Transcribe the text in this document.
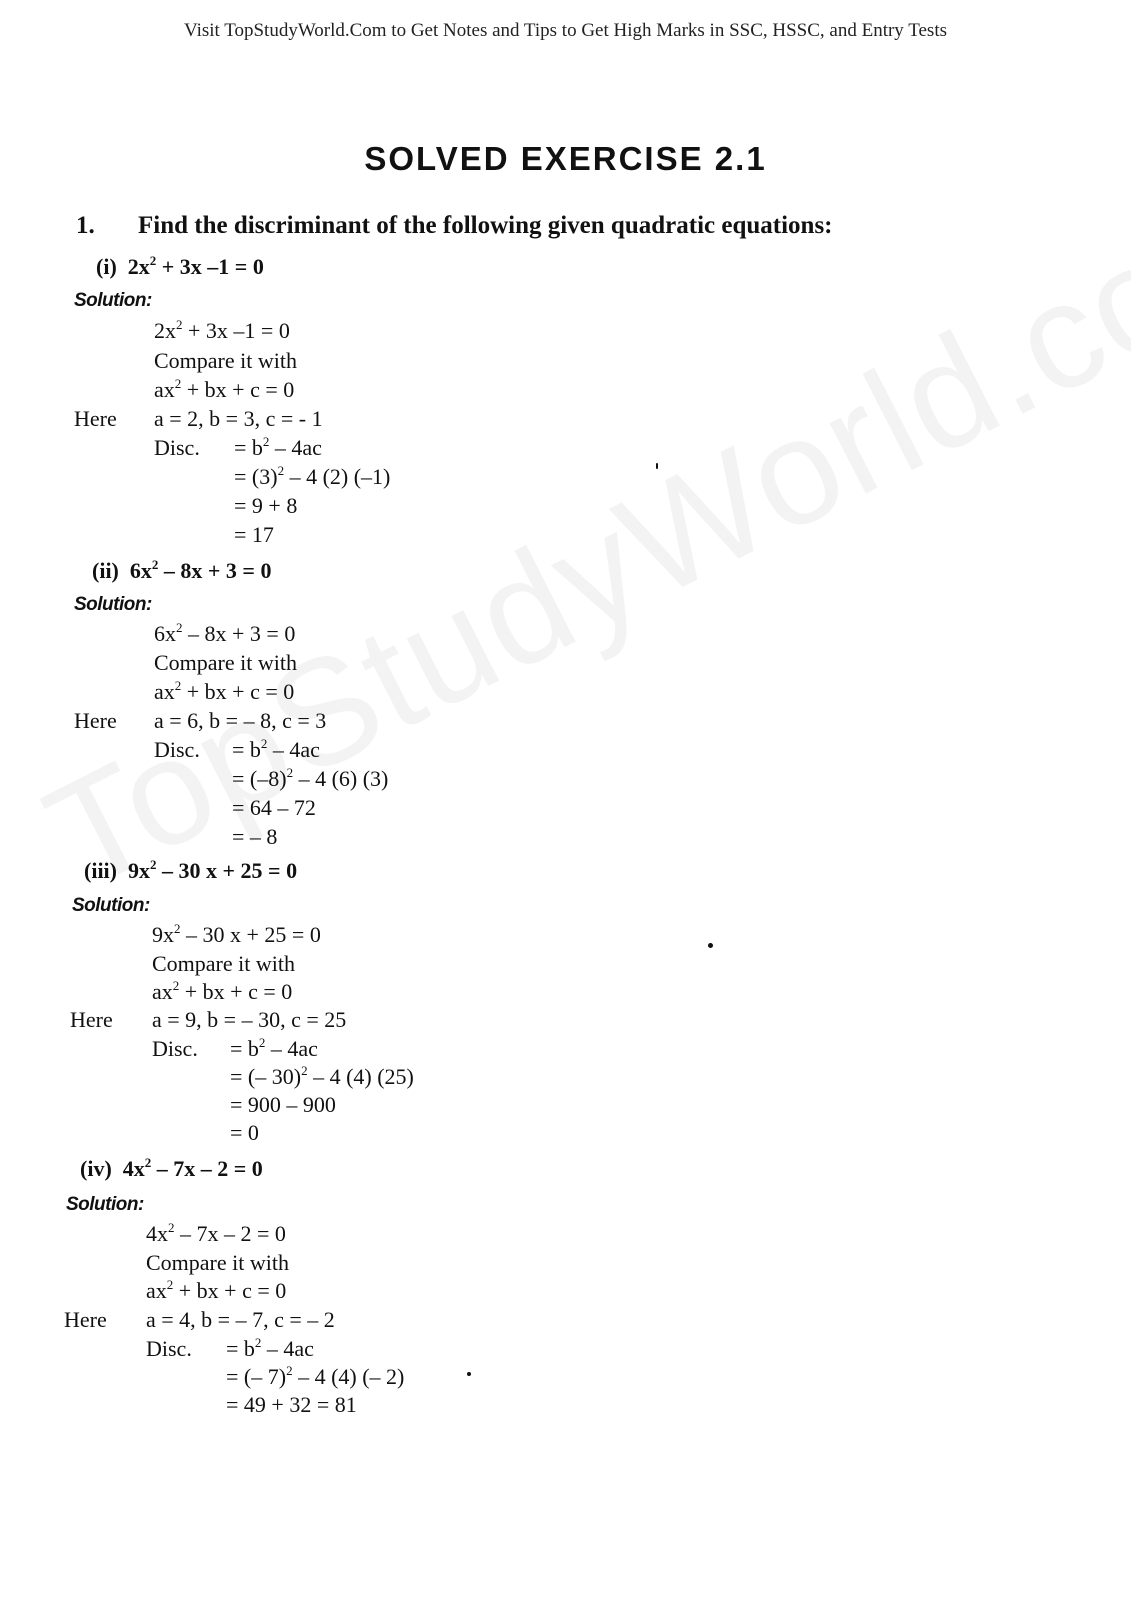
Visit TopStudyWorld.Com to Get Notes and Tips to Get High Marks in SSC, HSSC, and Entry Tests
SOLVED EXERCISE 2.1
1. Find the discriminant of the following given quadratic equations:
(i) $2x^2 + 3x$ –1 = 0
Solution:
$2x^2 + 3x$ –1 = 0
Compare it with
$ax^2$ + bx + c = 0
Here a = 2, b = 3, c = - 1
Disc. = $b^2 - 4ac$
= $(3)^2 - 4$ (2) (–1)
= 9 + 8
= 17
(ii) $6x^2 - 8x + 3 = 0$
Solution:
$6x^2 - 8x + 3 = 0$
Compare it with
$ax^2$ + bx + c = 0
Here a = 6, b = – 8, c = 3
Disc. = $b^2 - 4ac$
= $(-8)^2 - 4$ (6) (3)
= 64 – 72
= – 8
(iii) $9x^2 - 30$ x + 25 = 0
Solution:
$9x^2 - 30$ x + 25 = 0
Compare it with
$ax^2$ + bx + c = 0
Here a = 9, b = – 30, c = 25
Disc. = $b^2 - 4ac$
= (– 30)$^2$ – 4 (4) (25)
= 900 – 900
= 0
(iv) $4x^2 - 7x - 2 = 0$
Solution:
$4x^2 - 7x - 2 = 0$
Compare it with
$ax^2$ + bx + c = 0
Here a = 4, b = – 7, c = – 2
Disc. = $b^2 - 4ac$
= (– 7)$^2$ – 4 (4) (– 2)
= 49 + 32 = 81
